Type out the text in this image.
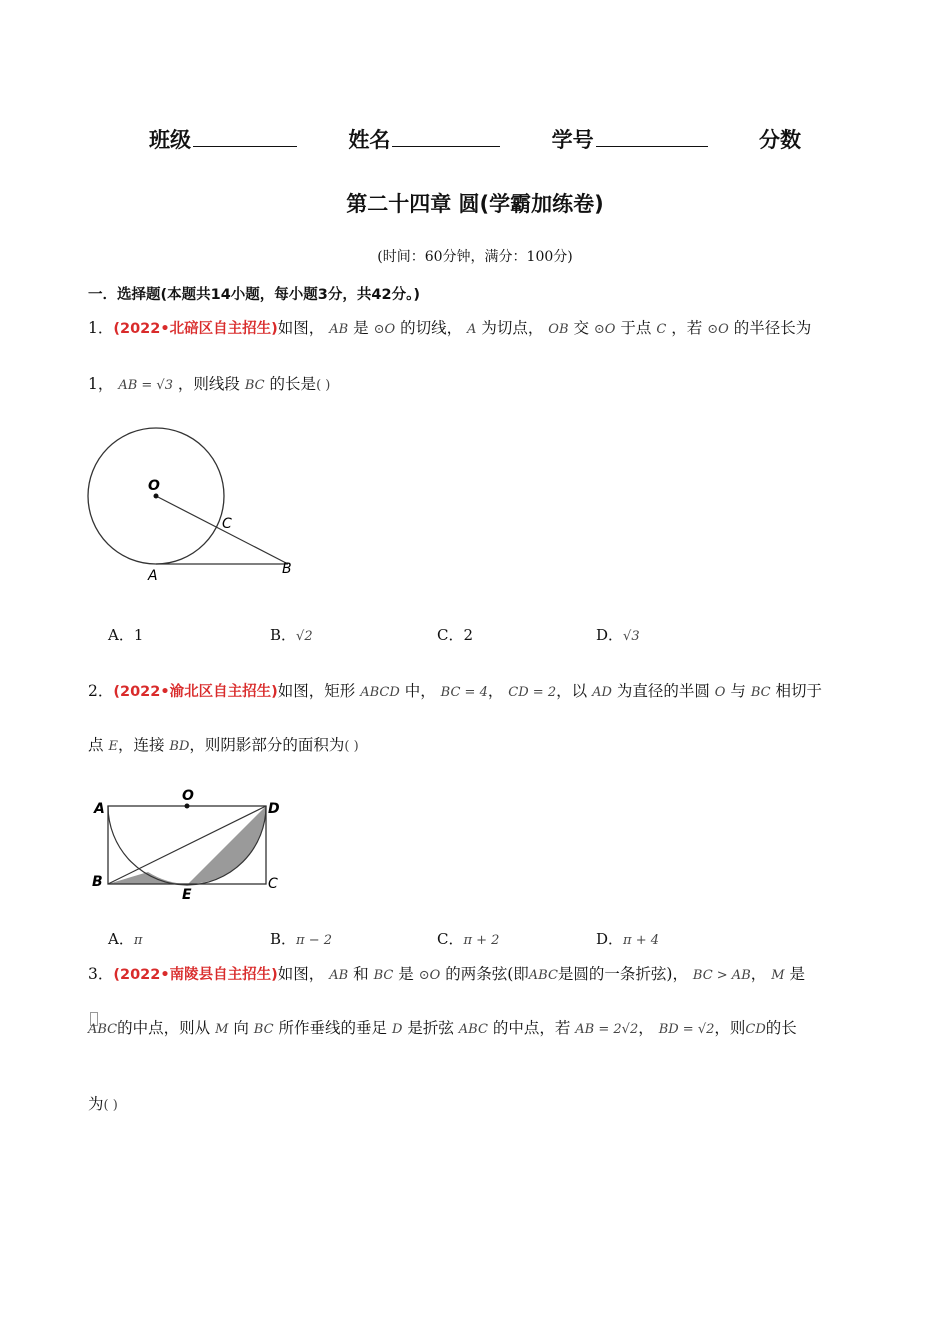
班级	姓名	学号	分数
第二十四章 圆(学霸加练卷)
(时间：60分钟，满分：100分)
一．选择题(本题共14小题，每小题3分，共42分。)
1．(2022•北碚区自主招生)如图， AB 是 ⊙O 的切线， A 为切点， OB 交 ⊙O 于点 C ，若 ⊙O 的半径长为
1， AB = √3 ，则线段 BC 的长是( )
O
C
A	B
A．1	B．√2	C．2	D．√3
2．(2022•渝北区自主招生)如图，矩形 ABCD 中， BC = 4， CD = 2，以 AD 为直径的半圆 O 与 BC 相切于
点 E，连接 BD，则阴影部分的面积为( )
A
O
D
B
E
C
A．π	B．π − 2	C．π + 2	D．π + 4
3．(2022•南陵县自主招生)如图， AB 和 BC 是 ⊙O 的两条弦(即ABC是圆的一条折弦)， BC > AB， M 是
ABC的中点，则从 M 向 BC 所作垂线的垂足 D 是折弦 ABC 的中点，若 AB = 2√2， BD = √2，则CD的长
为( )
